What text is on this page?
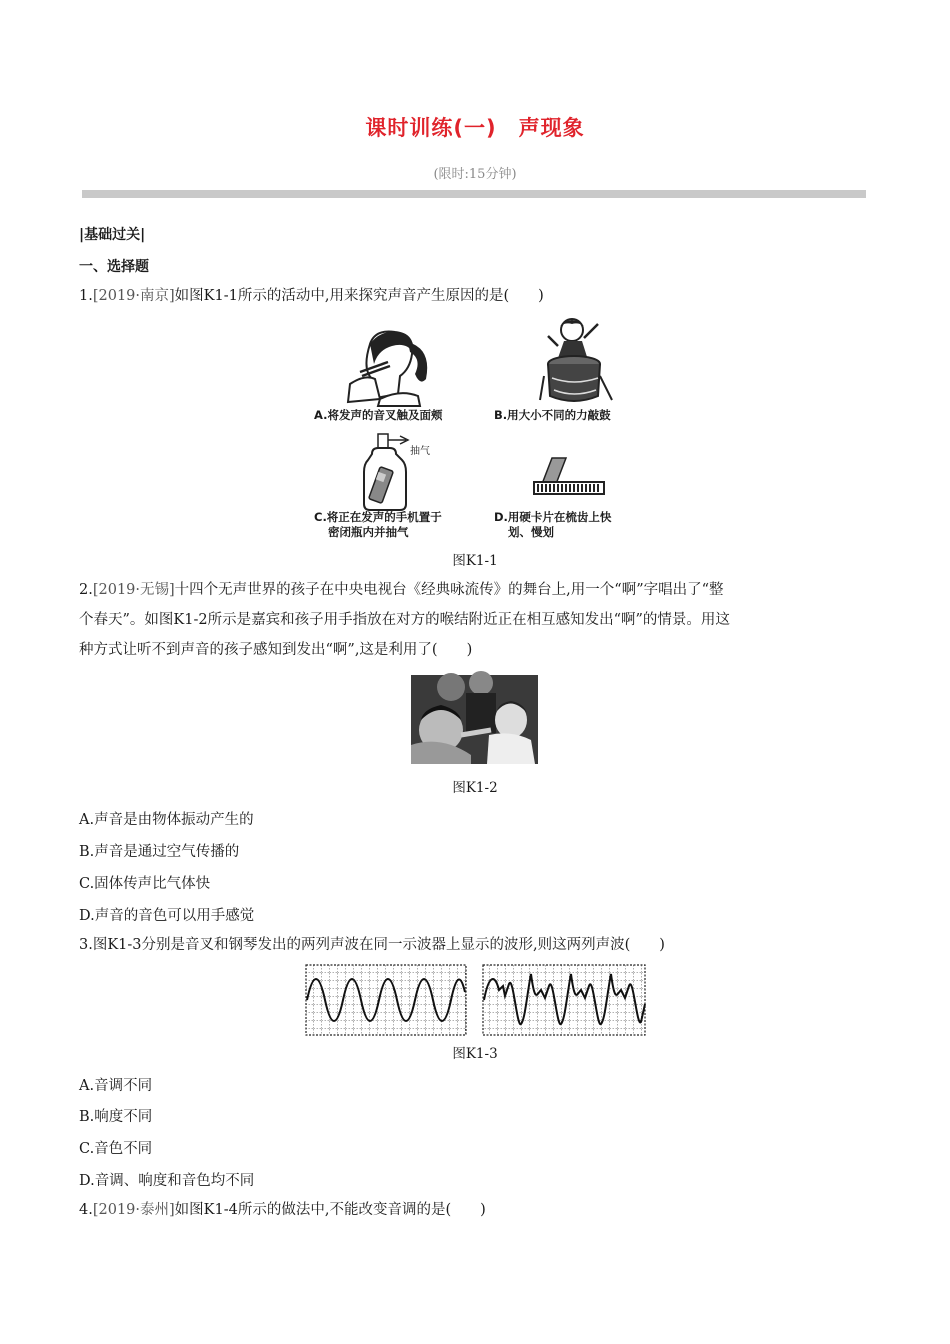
课时训练(一) 声现象
(限时:15分钟)
|基础过关|
一、选择题
1.[2019·南京]如图K1-1所示的活动中,用来探究声音产生原因的是(　　)
A.将发声的音叉触及面颊	B.用大小不同的力敲鼓
抽气
C.将正在发声的手机置于
密闭瓶内并抽气
D.用硬卡片在梳齿上快
划、慢划
图K1-1
2.[2019·无锡]十四个无声世界的孩子在中央电视台《经典咏流传》的舞台上,用一个“啊”字唱出了“整
个春天”。如图K1-2所示是嘉宾和孩子用手指放在对方的喉结附近正在相互感知发出“啊”的情景。用这
种方式让听不到声音的孩子感知到发出“啊”,这是利用了(　　)
图K1-2
A.声音是由物体振动产生的
B.声音是通过空气传播的
C.固体传声比气体快
D.声音的音色可以用手感觉
3.图K1-3分别是音叉和钢琴发出的两列声波在同一示波器上显示的波形,则这两列声波(　　)
图K1-3
A.音调不同
B.响度不同
C.音色不同
D.音调、响度和音色均不同
4.[2019·泰州]如图K1-4所示的做法中,不能改变音调的是(　　)
